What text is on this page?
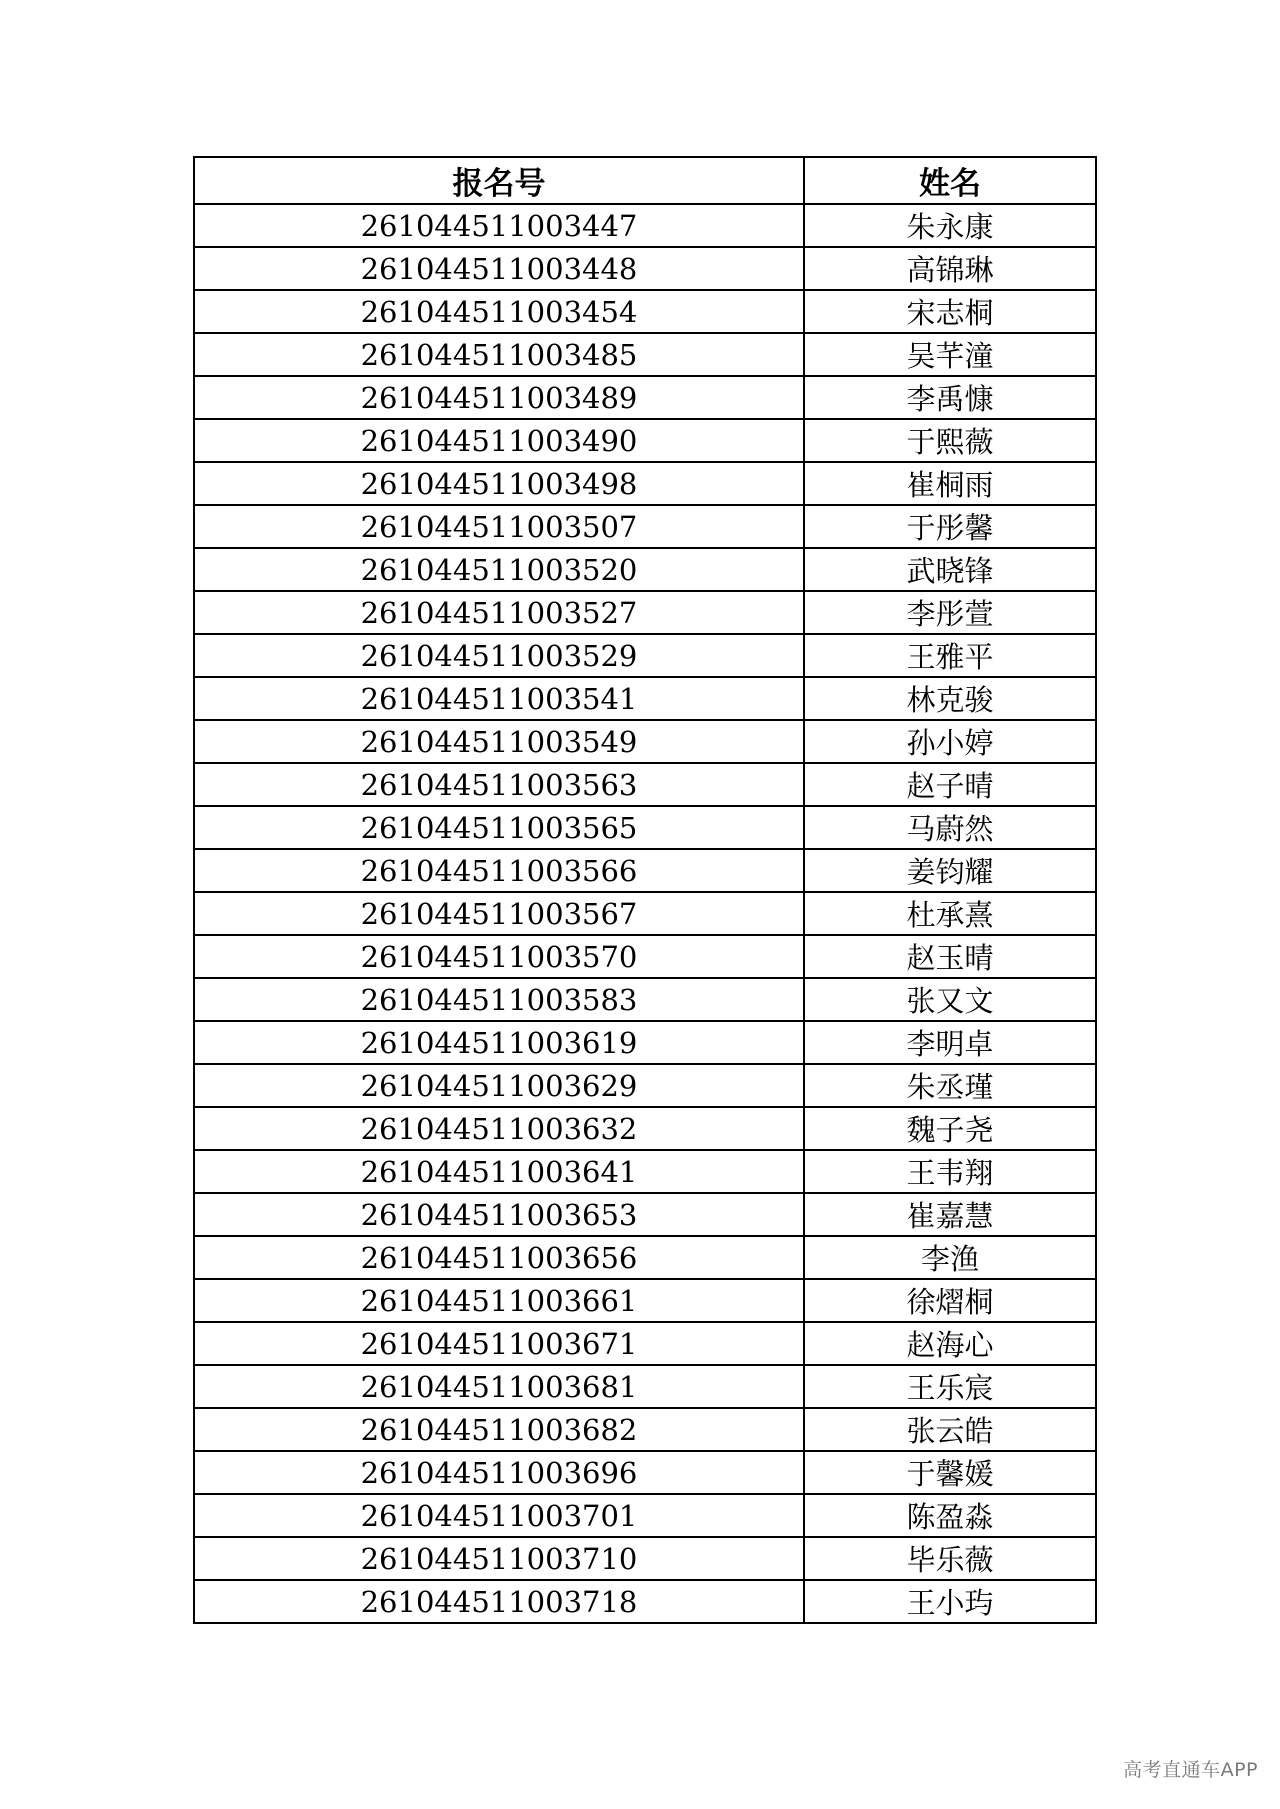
报名号	姓名
261044511003447	朱永康
261044511003448	高锦琳
261044511003454	宋志桐
261044511003485	吴芊潼
261044511003489	李禹慷
261044511003490	于熙薇
261044511003498	崔桐雨
261044511003507	于彤馨
261044511003520	武晓锋
261044511003527	李彤萱
261044511003529	王雅平
261044511003541	林克骏
261044511003549	孙小婷
261044511003563	赵子晴
261044511003565	马蔚然
261044511003566	姜钧耀
261044511003567	杜承熹
261044511003570	赵玉晴
261044511003583	张又文
261044511003619	李明卓
261044511003629	朱丞瑾
261044511003632	魏子尧
261044511003641	王韦翔
261044511003653	崔嘉慧
261044511003656	李渔
261044511003661	徐熠桐
261044511003671	赵海心
261044511003681	王乐宸
261044511003682	张云皓
261044511003696	于馨媛
261044511003701	陈盈淼
261044511003710	毕乐薇
261044511003718	王小玙
高考直通车APP
